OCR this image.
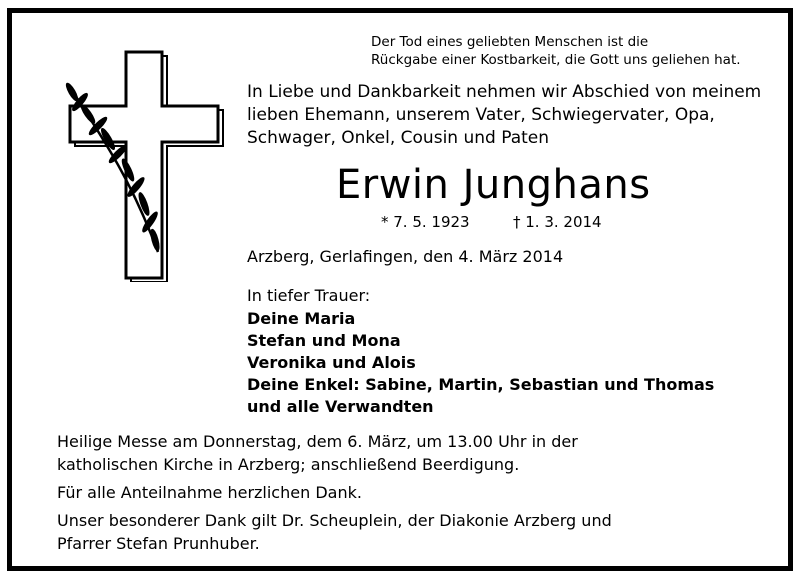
Der Tod eines geliebten Menschen ist die
Rückgabe einer Kostbarkeit, die Gott uns geliehen hat.
In Liebe und Dankbarkeit nehmen wir Abschied von meinem
lieben Ehemann, unserem Vater, Schwiegervater, Opa,
Schwager, Onkel, Cousin und Paten
Erwin Junghans
* 7. 5. 1923	† 1. 3. 2014
Arzberg, Gerlafingen, den 4. März 2014
In tiefer Trauer:
Deine Maria
Stefan und Mona
Veronika und Alois
Deine Enkel: Sabine, Martin, Sebastian und Thomas
und alle Verwandten

Heilige Messe am Donnerstag, dem 6. März, um 13.00 Uhr in der

katholischen Kirche in Arzberg; anschließend Beerdigung.

Für alle Anteilnahme herzlichen Dank.

Unser besonderer Dank gilt Dr. Scheuplein, der Diakonie Arzberg und

Pfarrer Stefan Prunhuber.
